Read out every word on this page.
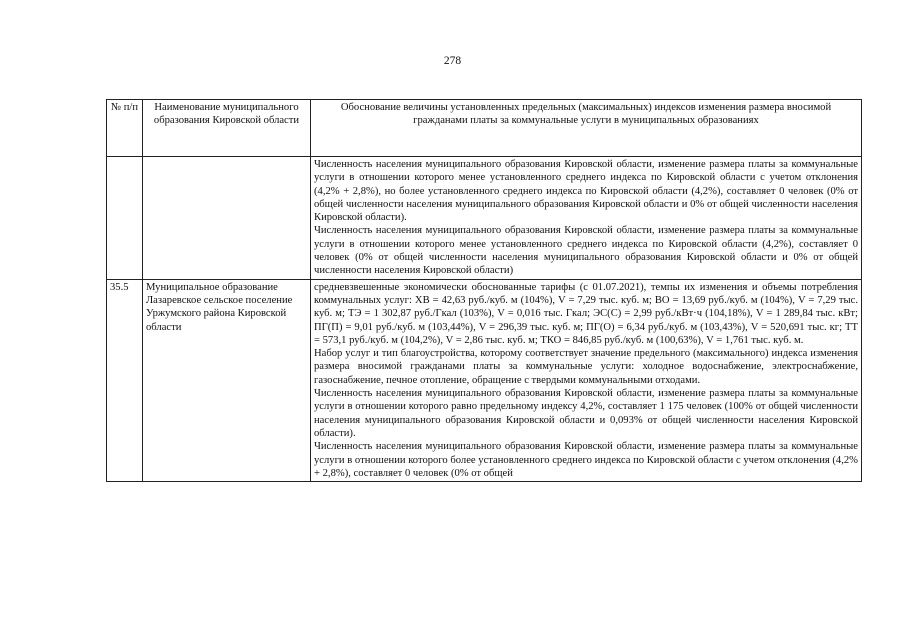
278
№ п/п	Наименование муниципального образования Кировской области	Обоснование величины установленных предельных (максимальных) индексов изменения размера вносимой гражданами платы за коммунальные услуги в муниципальных образованиях

		Численность населения муниципального образования Кировской области, изменение размера платы за коммунальные услуги в отношении которого менее установленного среднего индекса по Кировской области с учетом отклонения (4,2% + 2,8%), но более установленного среднего индекса по Кировской области (4,2%), составляет 0 человек (0% от общей численности населения муниципального образования Кировской области и 0% от общей численности населения Кировской области).

Численность населения муниципального образования Кировской области, изменение размера платы за коммунальные услуги в отношении которого менее установленного среднего индекса по Кировской области (4,2%), составляет 0 человек (0% от общей численности населения муниципального образования Кировской области и 0% от общей численности населения Кировской области)

35.5	Муниципальное образование Лазаревское сельское поселение Уржумского района Кировской области	средневзвешенные экономически обоснованные тарифы (с 01.07.2021), темпы их изменения и объемы потребления коммунальных услуг: ХВ = 42,63 руб./куб. м (104%), V = 7,29 тыс. куб. м; ВО = 13,69 руб./куб. м (104%), V = 7,29 тыс. куб. м; ТЭ = 1 302,87 руб./Гкал (103%), V = 0,016 тыс. Гкал; ЭС(С) = 2,99 руб./кВт·ч (104,18%), V = 1 289,84 тыс. кВт; ПГ(П) = 9,01 руб./куб. м (103,44%), V = 296,39 тыс. куб. м; ПГ(О) = 6,34 руб./куб. м (103,43%), V = 520,691 тыс. кг; ТТ = 573,1 руб./куб. м (104,2%), V = 2,86 тыс. куб. м; ТКО = 846,85 руб./куб. м (100,63%), V = 1,761 тыс. куб. м.

Набор услуг и тип благоустройства, которому соответствует значение предельного (максимального) индекса изменения размера вносимой гражданами платы за коммунальные услуги: холодное водоснабжение, электроснабжение, газоснабжение, печное отопление, обращение с твердыми коммунальными отходами.

Численность населения муниципального образования Кировской области, изменение размера платы за коммунальные услуги в отношении которого равно предельному индексу 4,2%, составляет 1 175 человек (100% от общей численности населения муниципального образования Кировской области и 0,093% от общей численности населения Кировской области).

Численность населения муниципального образования Кировской области, изменение размера платы за коммунальные услуги в отношении которого более установленного среднего индекса по Кировской области с учетом отклонения (4,2% + 2,8%), составляет 0 человек (0% от общей
